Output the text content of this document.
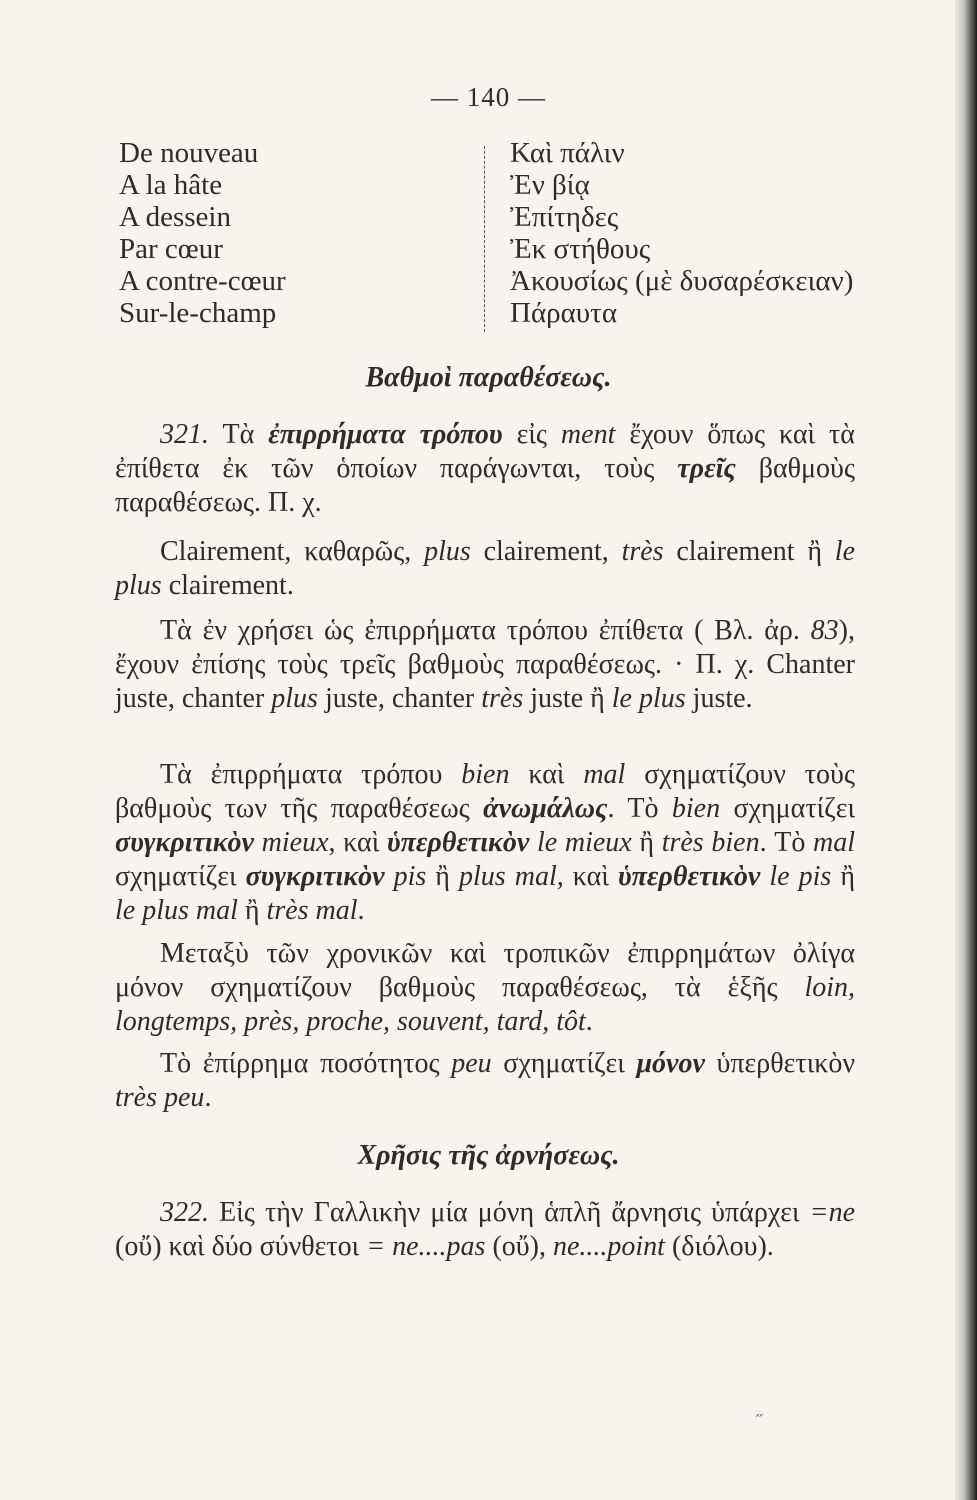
— 140 —
De nouveau
A la hâte
A dessein
Par cœur
A contre-cœur
Sur-le-champ
Καὶ πάλιν
Ἐν βίᾳ
Ἐπίτηδες
Ἐκ στήθους
Ἀκουσίως (μὲ δυσαρέσκειαν)
Πάραυτα
Βαθμοὶ παραθέσεως.

321. Τὰ ἐπιρρήματα τρόπου εἰς ment ἔχουν ὅπως καὶ τὰ ἐπίθετα ἐκ τῶν ὁποίων παράγωνται, τοὺς τρεῖς βαθμοὺς παραθέσεως. Π. χ.

Clairement, καθαρῶς, plus clairement, très clairement ἢ le plus clairement.

Τὰ ἐν χρήσει ὡς ἐπιρρήματα τρόπου ἐπίθετα ( Βλ. ἀρ. 83), ἔχουν ἐπίσης τοὺς τρεῖς βαθμοὺς παραθέσεως. · Π. χ. Chanter juste, chanter plus juste, chanter très juste ἢ le plus juste.

Τὰ ἐπιρρήματα τρόπου bien καὶ mal σχηματίζουν τοὺς βαθμοὺς των τῆς παραθέσεως ἀνωμάλως. Τὸ bien σχηματίζει συγκριτικὸν mieux, καὶ ὑπερθετικὸν le mieux ἢ très bien. Τὸ mal σχηματίζει συγκριτικὸν pis ἢ plus mal, καὶ ὑπερθετικὸν le pis ἢ le plus mal ἢ très mal.

Μεταξὺ τῶν χρονικῶν καὶ τροπικῶν ἐπιρρημάτων ὀλίγα μόνον σχηματίζουν βαθμοὺς παραθέσεως, τὰ ἑξῆς loin, longtemps, près, proche, souvent, tard, tôt.

Τὸ ἐπίρρημα ποσότητος peu σχηματίζει μόνον ὑπερθετικὸν très peu.

Χρῆσις τῆς ἀρνήσεως.

322. Εἰς τὴν Γαλλικὴν μία μόνη ἁπλῆ ἄρνησις ὑπάρχει =ne (οὔ) καὶ δύο σύνθετοι = ne....pas (οὔ), ne....point (διόλου).

˶
